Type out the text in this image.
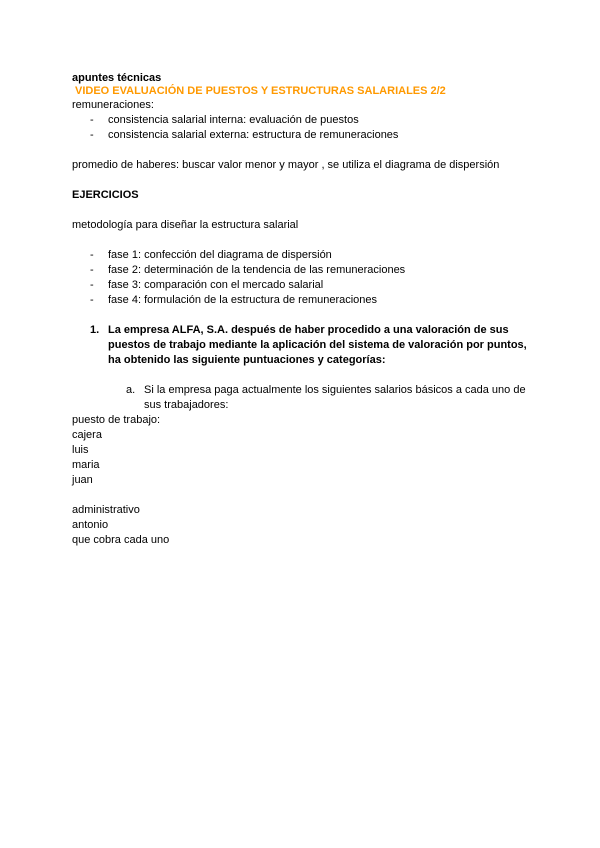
apuntes técnicas
VIDEO EVALUACIÓN DE PUESTOS Y ESTRUCTURAS SALARIALES 2/2
remuneraciones:
- consistencia salarial interna: evaluación de puestos
- consistencia salarial externa: estructura de remuneraciones
promedio de haberes: buscar valor menor y mayor , se utiliza el diagrama de dispersión
EJERCICIOS
metodología para diseñar la estructura salarial
- fase 1: confección del diagrama de dispersión
- fase 2: determinación de la tendencia de las remuneraciones
- fase 3: comparación con el mercado salarial
- fase 4: formulación de la estructura de remuneraciones
1. La empresa ALFA, S.A. después de haber procedido a una valoración de sus puestos de trabajo mediante la aplicación del sistema de valoración por puntos, ha obtenido las siguiente puntuaciones y categorías:
a. Si la empresa paga actualmente los siguientes salarios básicos a cada uno de sus trabajadores:
puesto de trabajo:
cajera
luis
maria
juan
administrativo
antonio
que cobra cada uno
